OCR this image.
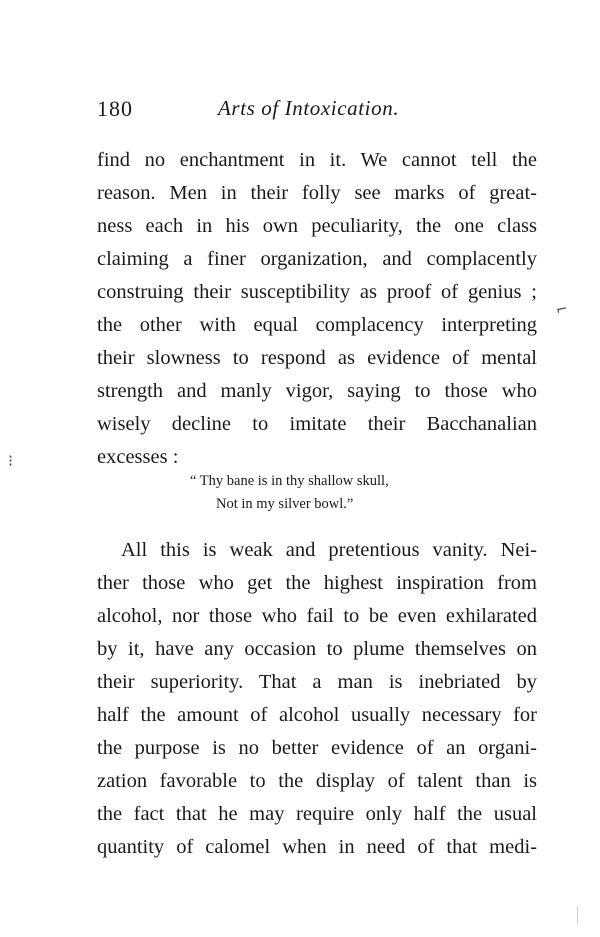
180	Arts of Intoxication.
find no enchantment in it. We cannot tell the
reason. Men in their folly see marks of great-
ness each in his own peculiarity, the one class
claiming a finer organization, and complacently
construing their susceptibility as proof of genius ;
the other with equal complacency interpreting
their slowness to respond as evidence of mental
strength and manly vigor, saying to those who
wisely decline to imitate their Bacchanalian
excesses :
“ Thy bane is in thy shallow skull,
Not in my silver bowl.”
All this is weak and pretentious vanity. Nei-
ther those who get the highest inspiration from
alcohol, nor those who fail to be even exhilarated
by it, have any occasion to plume themselves on
their superiority. That a man is inebriated by
half the amount of alcohol usually necessary for
the purpose is no better evidence of an organi-
zation favorable to the display of talent than is
the fact that he may require only half the usual
quantity of calomel when in need of that medi-
⌐
⁝
